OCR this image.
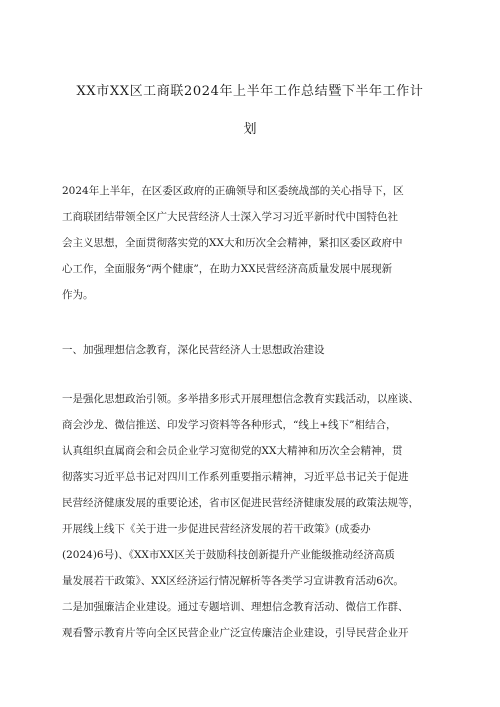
XX市XX区工商联2024年上半年工作总结暨下半年工作计
划
2024年上半年，在区委区政府的正确领导和区委统战部的关心指导下，区
工商联团结带领全区广大民营经济人士深入学习习近平新时代中国特色社
会主义思想，全面贯彻落实党的XX大和历次全会精神，紧扣区委区政府中
心工作，全面服务“两个健康”，在助力XX民营经济高质量发展中展现新
作为。
一、加强理想信念教育，深化民营经济人士思想政治建设
一是强化思想政治引领。多举措多形式开展理想信念教育实践活动，以座谈、
商会沙龙、微信推送、印发学习资料等各种形式，“线上+线下”相结合，
认真组织直属商会和会员企业学习宽彻党的XX大精神和历次全会精神，贯
彻落实习近平总书记对四川工作系列重要指示精神，习近平总书记关于促进
民营经济健康发展的重要论述，省市区促进民营经济健康发展的政策法规等，
开展线上线下《关于进一步促进民营经济发展的若干政策》(成委办
(2024)6号)、《XX市XX区关于鼓励科技创新提升产业能级推动经济高质
量发展若干政策》、XX区经济运行情况解析等各类学习宣讲教育活动6次。
二是加强廉洁企业建设。通过专题培训、理想信念教育活动、微信工作群、
观看警示教育片等向全区民营企业广泛宣传廉洁企业建设，引导民营企业开
